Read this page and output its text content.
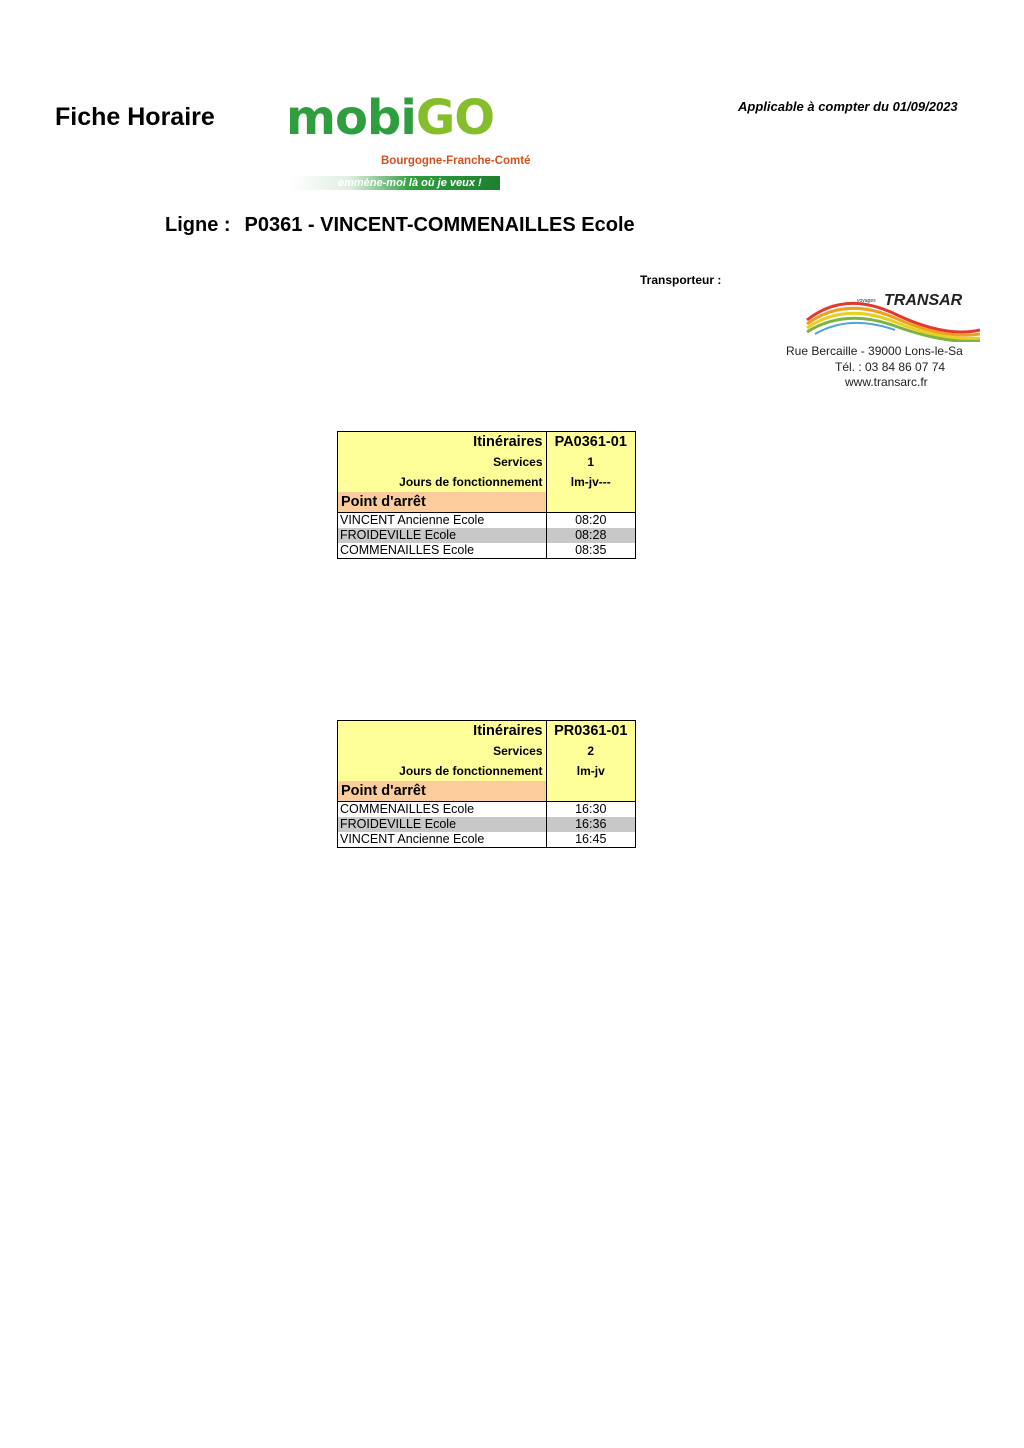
Fiche Horaire mobiGO
Bourgogne-Franche-Comté
emmène-moi là où je veux !
Applicable à compter du 01/09/2023
Ligne : P0361 - VINCENT-COMMENAILLES Ecole
Transporteur :
voyages TRANSAR
Rue Bercaille - 39000 Lons-le-Sa
Tél. : 03 84 86 07 74
www.transarc.fr
Itinéraires	PA0361-01
Services	1
Jours de fonctionnement	lm-jv---
Point d'arrêt	
VINCENT Ancienne Ecole	08:20
FROIDEVILLE Ecole	08:28
COMMENAILLES Ecole	08:35
Itinéraires	PR0361-01
Services	2
Jours de fonctionnement	lm-jv
Point d'arrêt	
COMMENAILLES Ecole	16:30
FROIDEVILLE Ecole	16:36
VINCENT Ancienne Ecole	16:45
